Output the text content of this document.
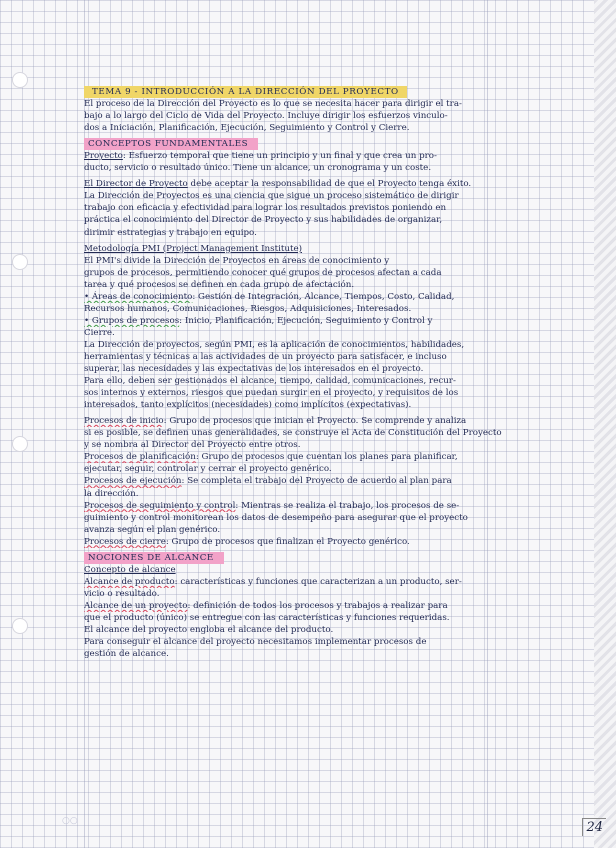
○○

TEMA 9 - INTRODUCCIÓN A LA DIRECCIÓN DEL PROYECTO

El proceso de la Dirección del Proyecto es lo que se necesita hacer para dirigir el tra-

bajo a lo largo del Ciclo de Vida del Proyecto. Incluye dirigir los esfuerzos vinculo-

dos a Iniciación, Planificación, Ejecución, Seguimiento y Control y Cierre.

CONCEPTOS FUNDAMENTALES

Proyecto: Esfuerzo temporal que tiene un principio y un final y que crea un pro-

ducto, servicio o resultado único. Tiene un alcance, un cronograma y un coste.

El Director de Proyecto debe aceptar la responsabilidad de que el Proyecto tenga éxito.

La Dirección de Proyectos es una ciencia que sigue un proceso sistemático de dirigir

trabajo con eficacia y efectividad para lograr los resultados previstos poniendo en

práctica el conocimiento del Director de Proyecto y sus habilidades de organizar,

dirimir estrategias y trabajo en equipo.

Metodología PMI (Project Management Institute)

El PMI's divide la Dirección de Proyectos en áreas de conocimiento y

grupos de procesos, permitiendo conocer qué grupos de procesos afectan a cada

tarea y qué procesos se definen en cada grupo de afectación.

• Áreas de conocimiento: Gestión de Integración, Alcance, Tiempos, Costo, Calidad,

Recursos humanos, Comunicaciones, Riesgos, Adquisiciones, Interesados.

• Grupos de procesos: Inicio, Planificación, Ejecución, Seguimiento y Control y

Cierre.

La Dirección de proyectos, según PMI, es la aplicación de conocimientos, habilidades,

herramientas y técnicas a las actividades de un proyecto para satisfacer, e incluso

superar, las necesidades y las expectativas de los interesados en el proyecto.

Para ello, deben ser gestionados el alcance, tiempo, calidad, comunicaciones, recur-

sos internos y externos, riesgos que puedan surgir en el proyecto, y requisitos de los

interesados, tanto explícitos (necesidades) como implícitos (expectativas).

Procesos de inicio: Grupo de procesos que inician el Proyecto. Se comprende y analiza

si es posible, se definen unas generalidades, se construye el Acta de Constitución del Proyecto

y se nombra al Director del Proyecto entre otros.

Procesos de planificación: Grupo de procesos que cuentan los planes para planificar,

ejecutar, seguir, controlar y cerrar el proyecto genérico.

Procesos de ejecución: Se completa el trabajo del Proyecto de acuerdo al plan para

la dirección.

Procesos de seguimiento y control: Mientras se realiza el trabajo, los procesos de se-

guimiento y control monitorean los datos de desempeño para asegurar que el proyecto

avanza según el plan genérico.

Procesos de cierre: Grupo de procesos que finalizan el Proyecto genérico.

NOCIONES DE ALCANCE

Concepto de alcance

Alcance de producto: características y funciones que caracterizan a un producto, ser-

vicio o resultado.

Alcance de un proyecto: definición de todos los procesos y trabajos a realizar para

que el producto (único) se entregue con las características y funciones requeridas.

El alcance del proyecto engloba el alcance del producto.

Para conseguir el alcance del proyecto necesitamos implementar procesos de

gestión de alcance.

24
